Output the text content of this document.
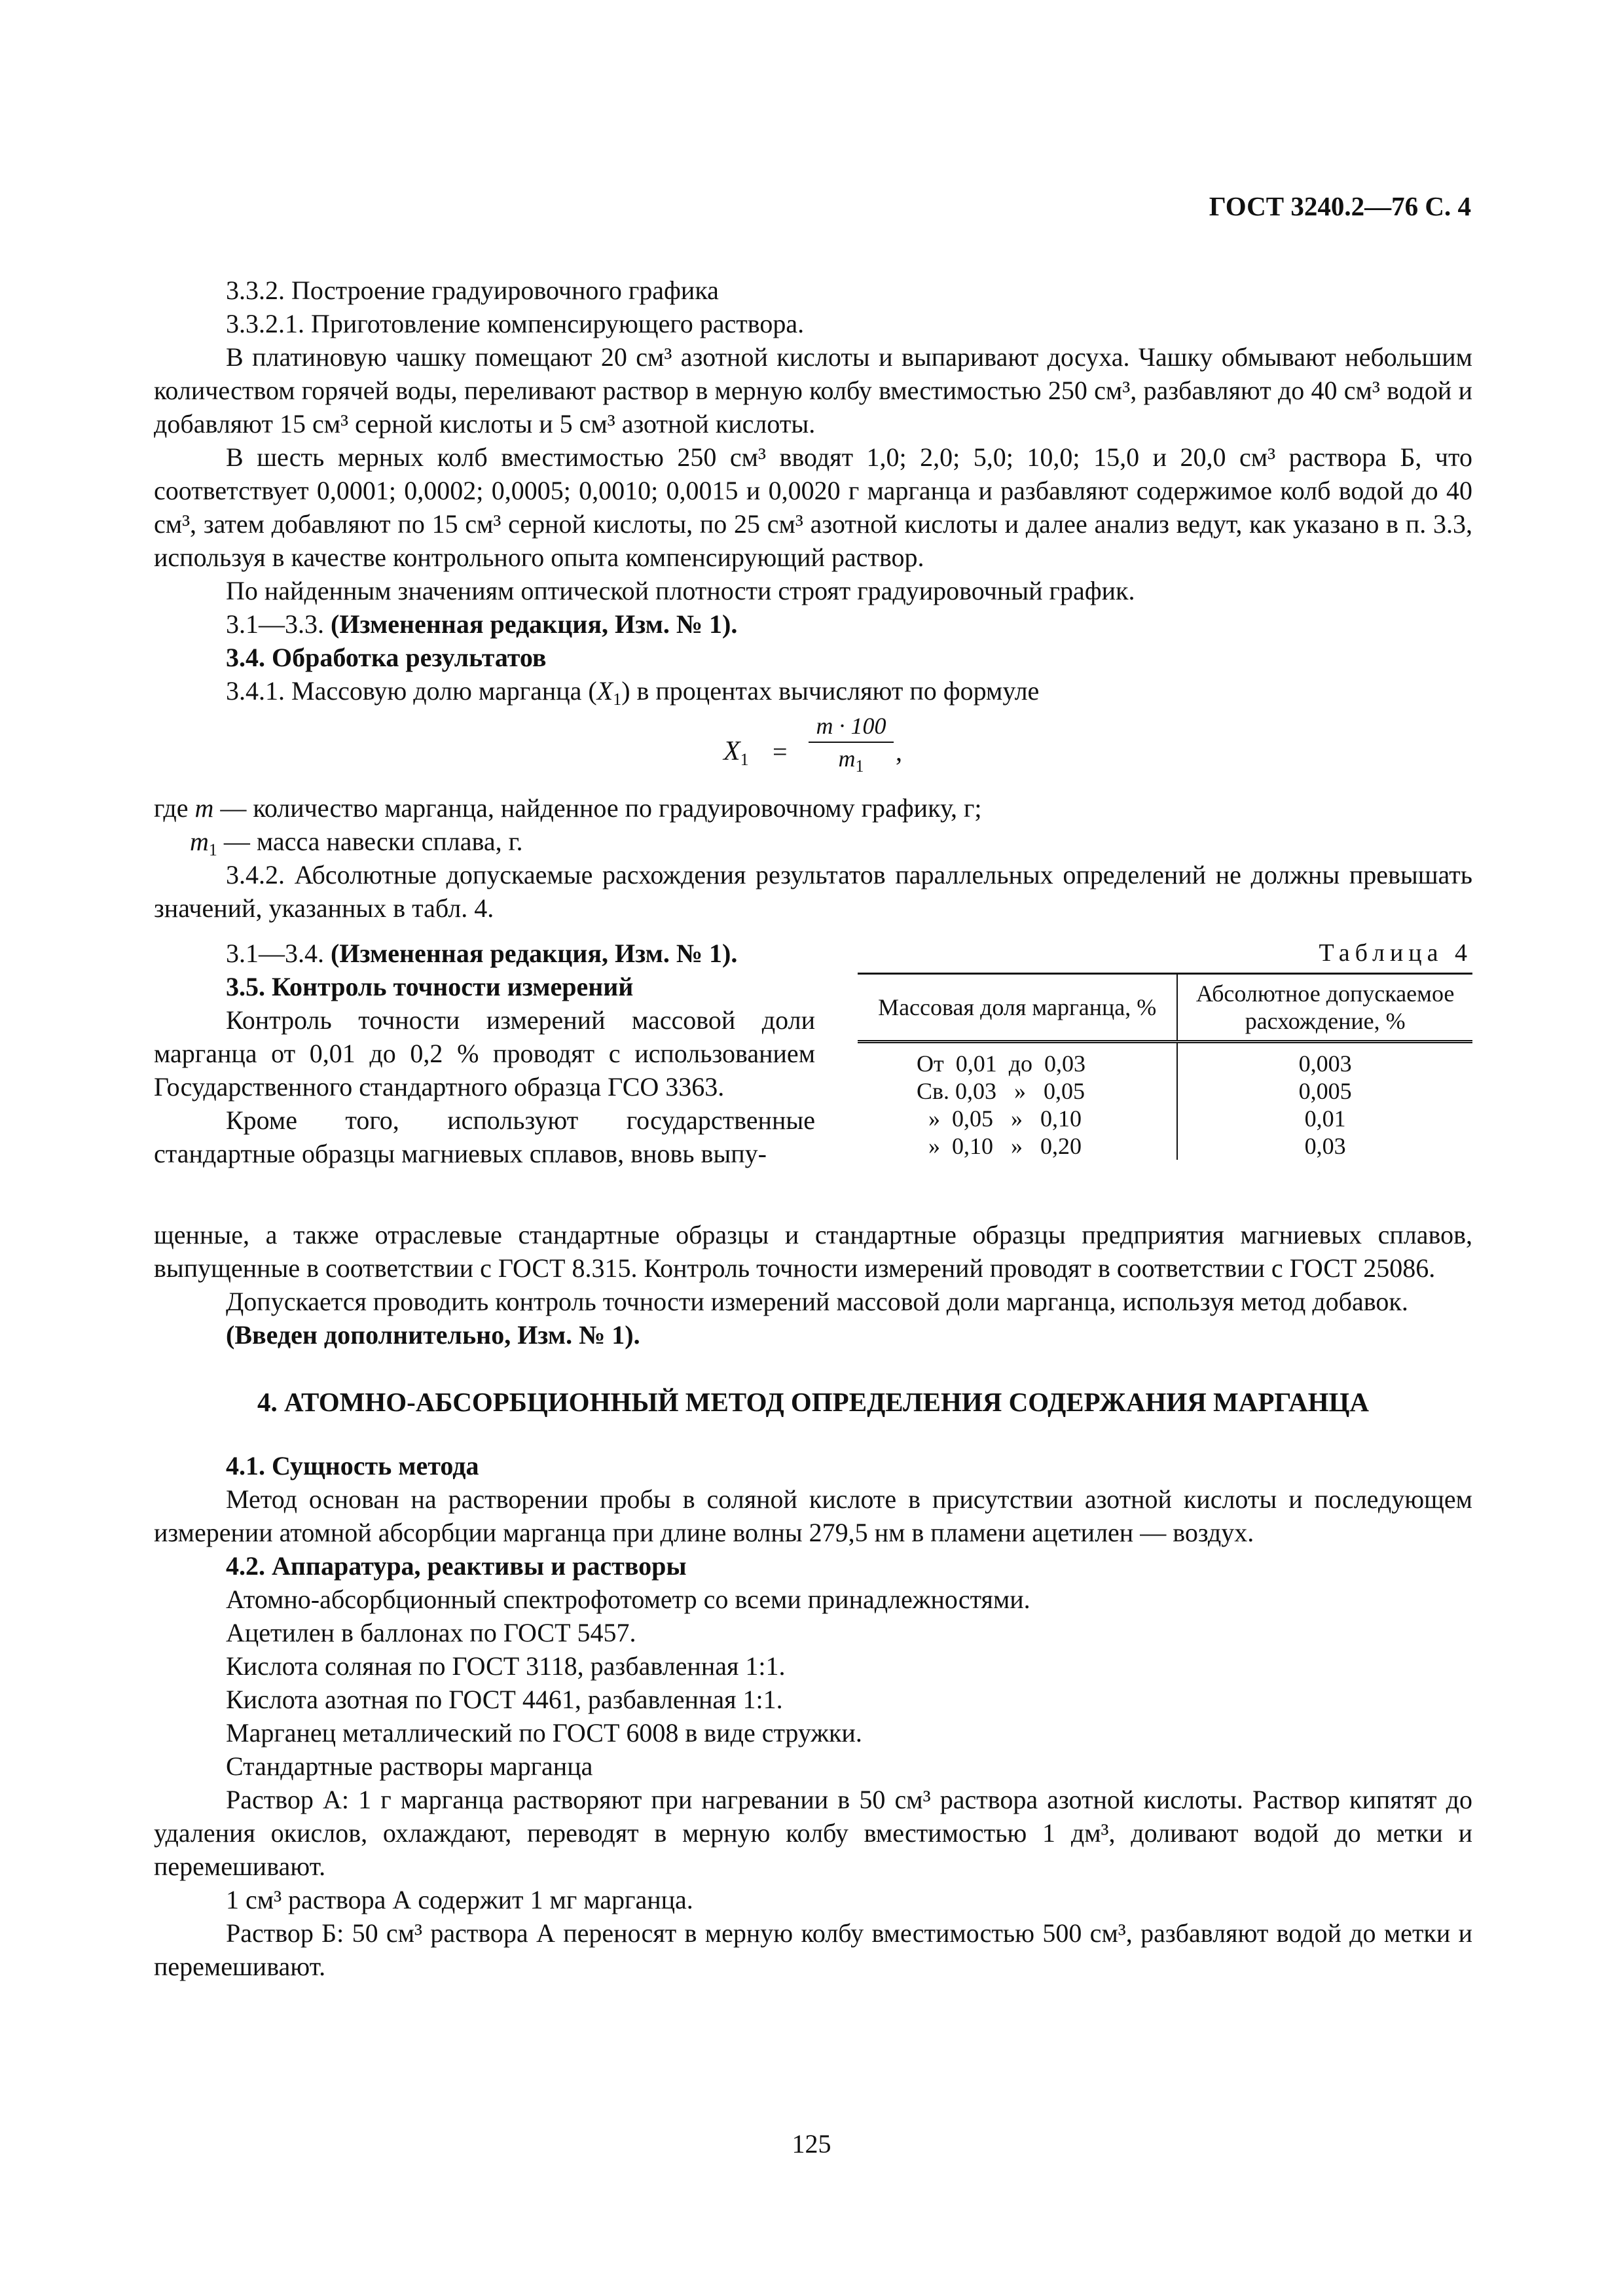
ГОСТ 3240.2—76 С. 4

3.3.2. Построение градуировочного графика

3.3.2.1. Приготовление компенсирующего раствора.

В платиновую чашку помещают 20 см³ азотной кислоты и выпаривают досуха. Чашку обмывают небольшим количеством горячей воды, переливают раствор в мерную колбу вместимостью 250 см³, разбавляют до 40 см³ водой и добавляют 15 см³ серной кислоты и 5 см³ азотной кислоты.

В шесть мерных колб вместимостью 250 см³ вводят 1,0; 2,0; 5,0; 10,0; 15,0 и 20,0 см³ раствора Б, что соответствует 0,0001; 0,0002; 0,0005; 0,0010; 0,0015 и 0,0020 г марганца и разбавляют содержимое колб водой до 40 см³, затем добавляют по 15 см³ серной кислоты, по 25 см³ азотной кислоты и далее анализ ведут, как указано в п. 3.3, используя в качестве контрольного опыта компенсирующий раствор.

По найденным значениям оптической плотности строят градуировочный график.

3.1—3.3. (Измененная редакция, Изм. № 1).

3.4. Обработка результатов

3.4.1. Массовую долю марганца $(X_1)$ в процентах вычисляют по формуле

$X_1$ =
m · 100
$m_1$	,

где m — количество марганца, найденное по градуировочному графику, г;

$m_1$ — масса навески сплава, г.

3.4.2. Абсолютные допускаемые расхождения результатов параллельных определений не должны превышать значений, указанных в табл. 4.

3.1—3.4. (Измененная редакция, Изм. № 1).

3.5. Контроль точности измерений

Контроль точности измерений массовой доли марганца от 0,01 до 0,2 % проводят с использованием Государственного стандартного образца ГСО 3363.

Кроме того, используют государственные стандартные образцы магниевых сплавов, вновь выпу-

Таблица 4
Массовая доля марганца, %	Абсолютное допускаемое расхождение, %
От  0,01  до  0,03	0,003
Св. 0,03   »   0,05	0,005
»  0,05   »   0,10	0,01
»  0,10   »   0,20	0,03

щенные, а также отраслевые стандартные образцы и стандартные образцы предприятия магниевых сплавов, выпущенные в соответствии с ГОСТ 8.315. Контроль точности измерений проводят в соответствии с ГОСТ 25086.

Допускается проводить контроль точности измерений массовой доли марганца, используя метод добавок.

(Введен дополнительно, Изм. № 1).

4. АТОМНО-АБСОРБЦИОННЫЙ МЕТОД ОПРЕДЕЛЕНИЯ СОДЕРЖАНИЯ МАРГАНЦА

4.1. Сущность метода

Метод основан на растворении пробы в соляной кислоте в присутствии азотной кислоты и последующем измерении атомной абсорбции марганца при длине волны 279,5 нм в пламени ацетилен — воздух.

4.2. Аппаратура, реактивы и растворы

Атомно-абсорбционный спектрофотометр со всеми принадлежностями.

Ацетилен в баллонах по ГОСТ 5457.

Кислота соляная по ГОСТ 3118, разбавленная 1:1.

Кислота азотная по ГОСТ 4461, разбавленная 1:1.

Марганец металлический по ГОСТ 6008 в виде стружки.

Стандартные растворы марганца

Раствор А: 1 г марганца растворяют при нагревании в 50 см³ раствора азотной кислоты. Раствор кипятят до удаления окислов, охлаждают, переводят в мерную колбу вместимостью 1 дм³, доливают водой до метки и перемешивают.

1 см³ раствора А содержит 1 мг марганца.

Раствор Б: 50 см³ раствора А переносят в мерную колбу вместимостью 500 см³, разбавляют водой до метки и перемешивают.

125
